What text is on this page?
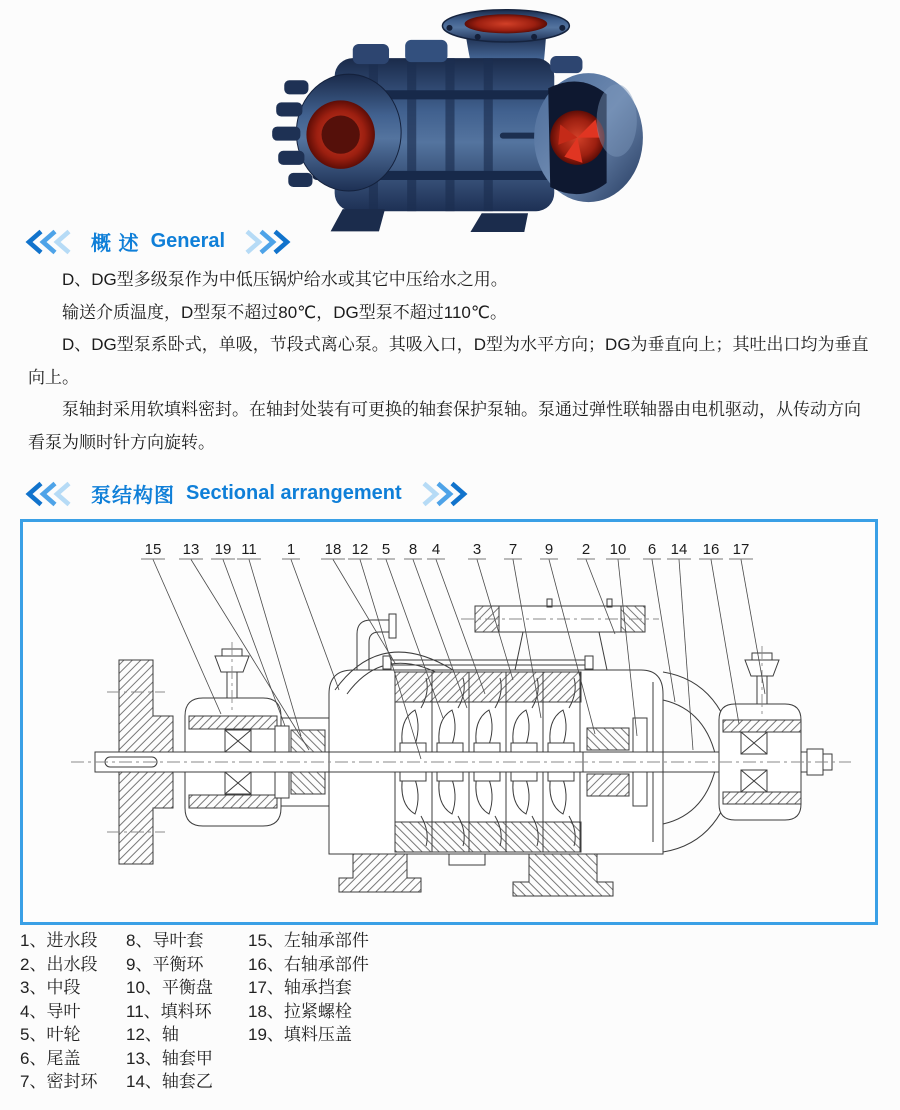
概 述 General

D、DG型多级泵作为中低压锅炉给水或其它中压给水之用。

输送介质温度，D型泵不超过80℃，DG型泵不超过110℃。

D、DG型泵系卧式，单吸，节段式离心泵。其吸入口，D型为水平方向；DG为垂直向上；其吐出口均为垂直向上。

泵轴封采用软填料密封。在轴封处装有可更换的轴套保护泵轴。泵通过弹性联轴器由电机驱动，从传动方向看泵为顺时针方向旋转。

泵结构图 Sectional arrangement
15 13 19 11 1 18 12 5 8 4 3 7 9 2 10 6 14 16 17
1、进水段
2、出水段
3、中段
4、导叶
5、叶轮
6、尾盖
7、密封环
8、导叶套
9、平衡环
10、平衡盘
11、填料环
12、轴
13、轴套甲
14、轴套乙
15、左轴承部件
16、右轴承部件
17、轴承挡套
18、拉紧螺栓
19、填料压盖
